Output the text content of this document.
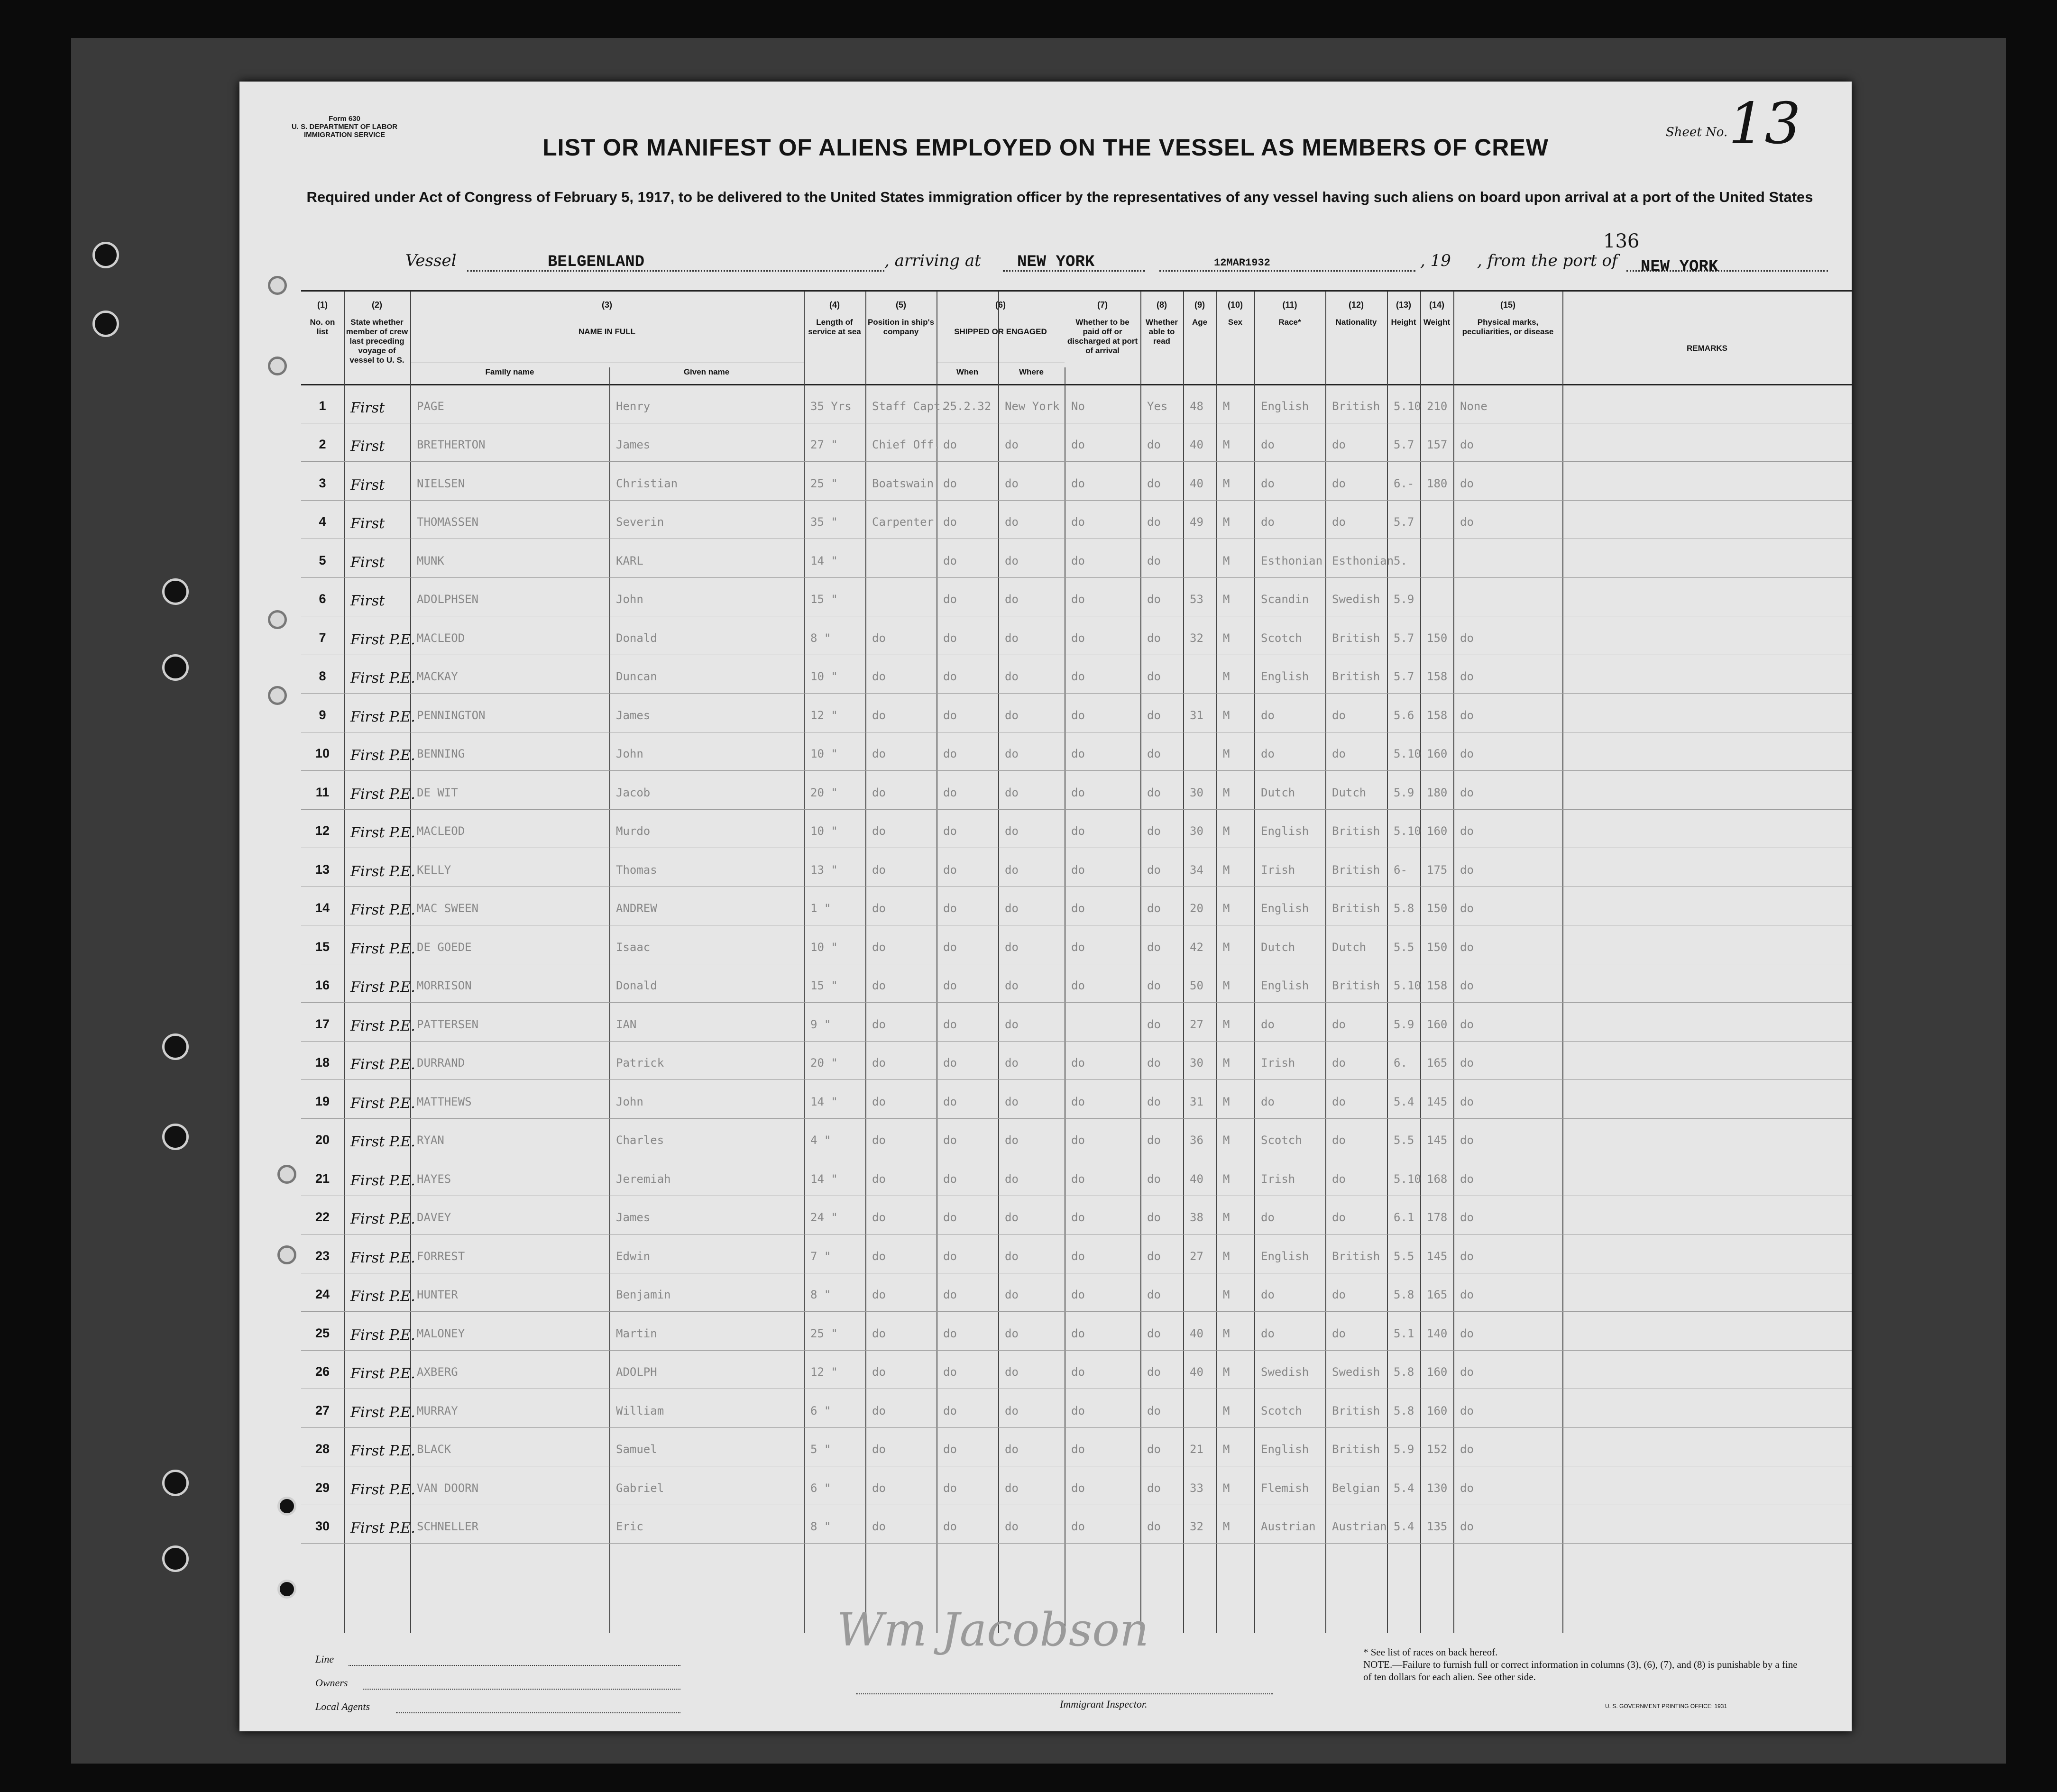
Form 630
U. S. DEPARTMENT OF LABOR
IMMIGRATION SERVICE	Sheet No. 13
LIST OR MANIFEST OF ALIENS EMPLOYED ON THE VESSEL AS MEMBERS OF CREW
Required under Act of Congress of February 5, 1917, to be delivered to the United States immigration officer by the representatives of any vessel having such aliens on board upon arrival at a port of the United States
Vessel	BELGENLAND	, arriving at NEW YORK	12MAR1932	, 19 , from the port of NEW YORK
136
(1)
No. on list
(2)
State whether member of crew last preceding voyage of vessel to U. S.
(3)
NAME IN FULL
(4)
Length of service at sea
(5)
Position in ship's company
(6)
SHIPPED OR ENGAGED
(7)
Whether to be paid off or discharged at port of arrival
(8)
Whether able to read
(9)
Age
(10)
Sex
(11)
Race*
(12)
Nationality
(13)
Height
(14)
Weight
(15)
Physical marks, peculiarities, or disease
REMARKS
Family name	Given name	When	Where
1	First	PAGE	Henry	35 Yrs Staff Capt.
25.2.32 New York No	Yes 48 M	English British 5.10 210 None
2	First	BRETHERTON	James	27 "	Chief Off. do	do	do	do	40 M	do	do	5.7 157 do
3	First	NIELSEN	Christian	25 "	Boatswain do	do	do	do	40 M	do	do	6.- 180 do
4	First	THOMASSEN	Severin	35 "	Carpenter do	do	do	do	49 M	do	do	5.7	do
5	First	MUNK	KARL	14 "	do	do	do	do	M	Esthonian Esthonian 5.
6	First	ADOLPHSEN	John	15 "	do	do	do	do	53 M	Scandin Swedish 5.9
7	First P.E. MACLEOD	Donald	8 "	do	do	do	do	do	32 M	Scotch	British 5.7 150 do
8	First P.E. MACKAY	Duncan	10 "	do	do	do	do	do	M	English British 5.7 158 do
9	First P.E. PENNINGTON	James	12 "	do	do	do	do	do	31 M	do	do	5.6 158 do
10	First P.E. BENNING	John	10 "	do	do	do	do	do	M	do	do	5.10 160 do
11	First P.E. DE WIT	Jacob	20 "	do	do	do	do	do	30 M	Dutch	Dutch 5.9 180 do
12	First P.E. MACLEOD	Murdo	10 "	do	do	do	do	do	30 M	English British 5.10 160 do
13	First P.E. KELLY	Thomas	13 "	do	do	do	do	do	34 M	Irish	British 6- 175 do
14	First P.E. MAC SWEEN	ANDREW	1 "	do	do	do	do	do	20 M	English British 5.8 150 do
15	First P.E. DE GOEDE	Isaac	10 "	do	do	do	do	do	42 M	Dutch	Dutch 5.5 150 do
16	First P.E. MORRISON	Donald	15 "	do	do	do	do	do	50 M	English British 5.10 158 do
17	First P.E. PATTERSEN	IAN	9 "	do	do	do	do	27 M	do	do	5.9 160 do
18	First P.E. DURRAND	Patrick	20 "	do	do	do	do	do	30 M	Irish	do	6. 165 do
19	First P.E. MATTHEWS	John	14 "	do	do	do	do	do	31 M	do	do	5.4 145 do
20	First P.E. RYAN	Charles	4 "	do	do	do	do	do	36 M	Scotch	do	5.5 145 do
21	First P.E. HAYES	Jeremiah	14 "	do	do	do	do	do	40 M	Irish	do	5.10 168 do
22	First P.E. DAVEY	James	24 "	do	do	do	do	do	38 M	do	do	6.1 178 do
23	First P.E. FORREST	Edwin	7 "	do	do	do	do	do	27 M	English British 5.5 145 do
24	First P.E. HUNTER	Benjamin	8 "	do	do	do	do	do	M	do	do	5.8 165 do
25	First P.E. MALONEY	Martin	25 "	do	do	do	do	do	40 M	do	do	5.1 140 do
26	First P.E. AXBERG	ADOLPH	12 "	do	do	do	do	do	40 M	Swedish Swedish 5.8 160 do
27	First P.E. MURRAY	William	6 "	do	do	do	do	do	M	Scotch	British 5.8 160 do
28	First P.E. BLACK	Samuel	5 "	do	do	do	do	do	21 M	English British 5.9 152 do
29	First P.E. VAN DOORN	Gabriel	6 "	do	do	do	do	do	33 M	Flemish Belgian 5.4 130 do
30	First P.E. SCHNELLER	Eric	8 "	do	do	do	do	do	32 M	Austrian Austrian 5.4 135 do
Line
Owners
Local Agents
Wm Jacobson
Immigrant Inspector.
* See list of races on back hereof.
NOTE.—Failure to furnish full or correct information in columns (3), (6), (7), and (8) is punishable by a fine of ten dollars for each alien. See other side.
U. S. GOVERNMENT PRINTING OFFICE: 1931
